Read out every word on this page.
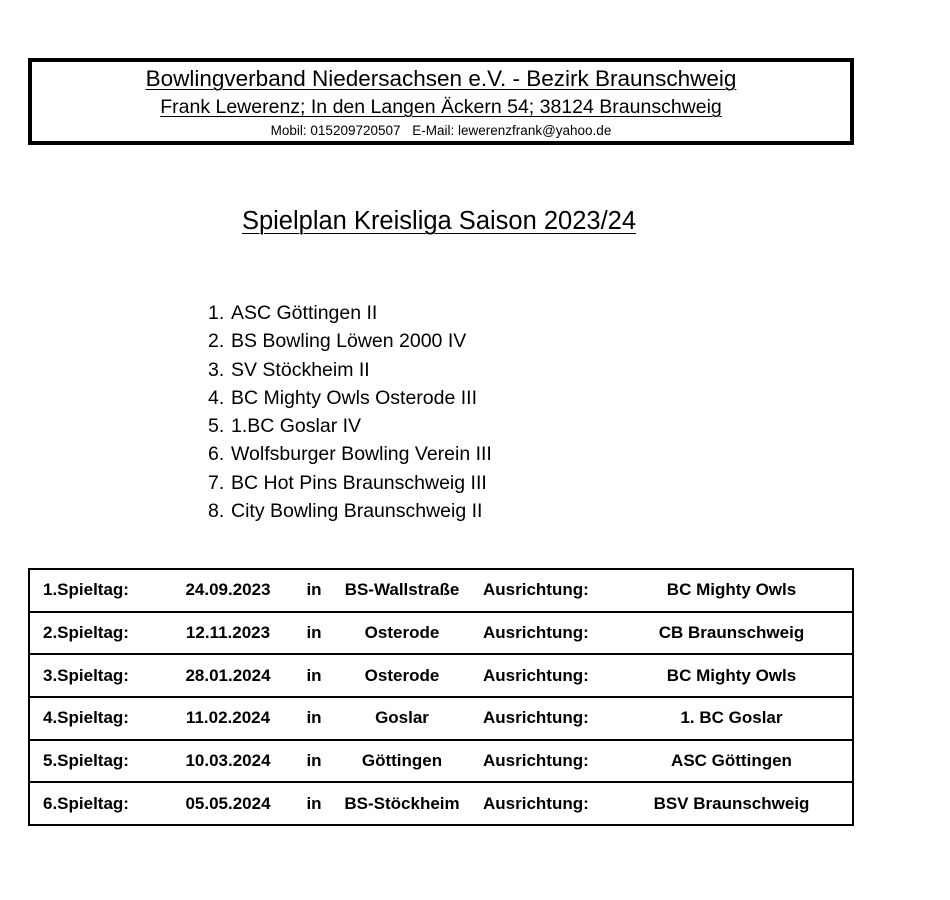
Bowlingverband Niedersachsen e.V. - Bezirk Braunschweig
Frank Lewerenz; In den Langen Äckern 54; 38124 Braunschweig
Mobil: 015209720507 E-Mail: lewerenzfrank@yahoo.de
Spielplan Kreisliga Saison 2023/24
1. ASC Göttingen II
2. BS Bowling Löwen 2000 IV
3. SV Stöckheim II
4. BC Mighty Owls Osterode III
5. 1.BC Goslar IV
6. Wolfsburger Bowling Verein III
7. BC Hot Pins Braunschweig III
8. City Bowling Braunschweig II
1.Spieltag:	24.09.2023	in	BS-Wallstraße	Ausrichtung:	BC Mighty Owls
2.Spieltag:	12.11.2023	in	Osterode	Ausrichtung:	CB Braunschweig
3.Spieltag:	28.01.2024	in	Osterode	Ausrichtung:	BC Mighty Owls
4.Spieltag:	11.02.2024	in	Goslar	Ausrichtung:	1. BC Goslar
5.Spieltag:	10.03.2024	in	Göttingen	Ausrichtung:	ASC Göttingen
6.Spieltag:	05.05.2024	in	BS-Stöckheim	Ausrichtung:	BSV Braunschweig
